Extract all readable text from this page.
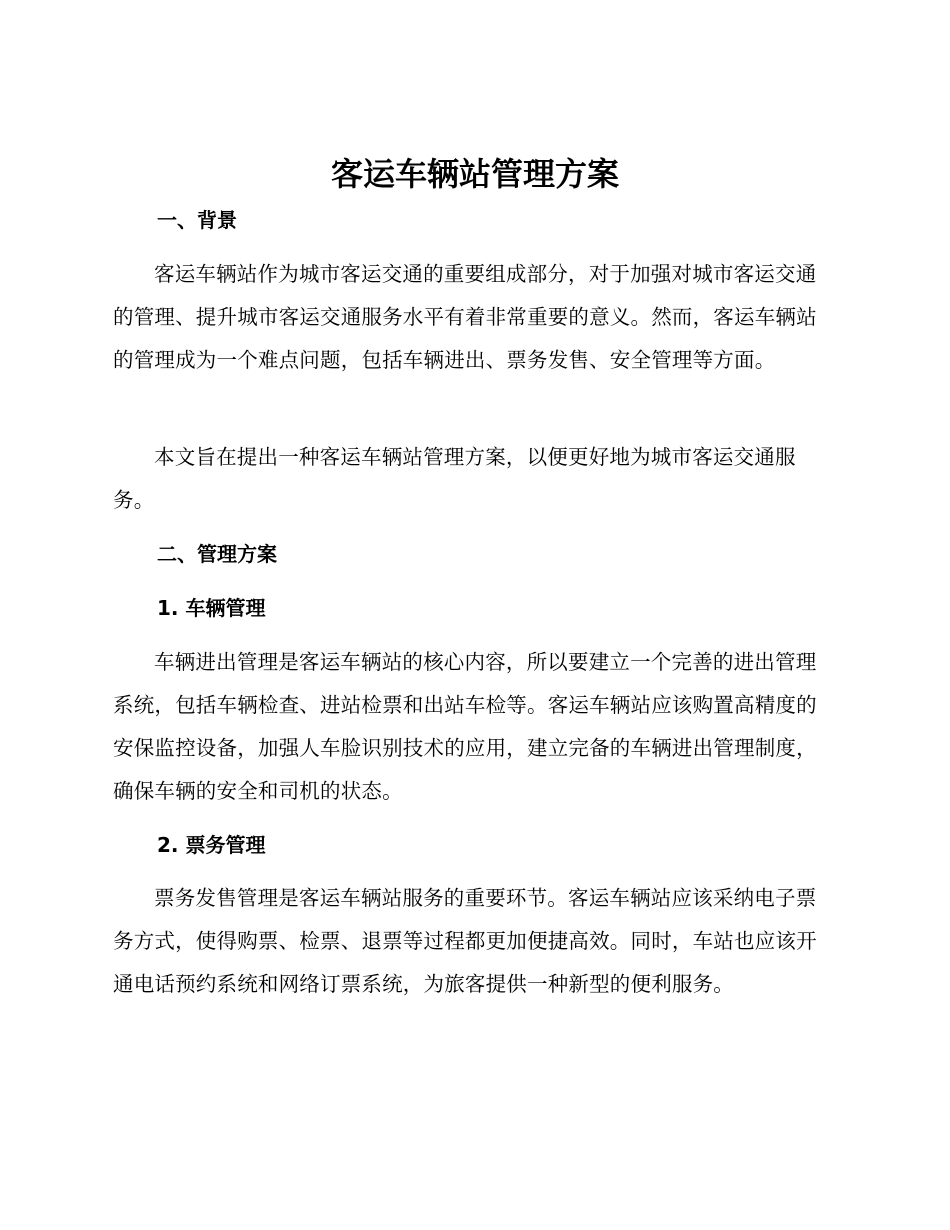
客运车辆站管理方案
一、背景

客运车辆站作为城市客运交通的重要组成部分，对于加强对城市客运交通的管理、提升城市客运交通服务水平有着非常重要的意义。然而，客运车辆站的管理成为一个难点问题，包括车辆进出、票务发售、安全管理等方面。

本文旨在提出一种客运车辆站管理方案，以便更好地为城市客运交通服务。

二、管理方案
1. 车辆管理

车辆进出管理是客运车辆站的核心内容，所以要建立一个完善的进出管理系统，包括车辆检查、进站检票和出站车检等。客运车辆站应该购置高精度的安保监控设备，加强人车脸识别技术的应用，建立完备的车辆进出管理制度，确保车辆的安全和司机的状态。

2. 票务管理

票务发售管理是客运车辆站服务的重要环节。客运车辆站应该采纳电子票务方式，使得购票、检票、退票等过程都更加便捷高效。同时，车站也应该开通电话预约系统和网络订票系统，为旅客提供一种新型的便利服务。
